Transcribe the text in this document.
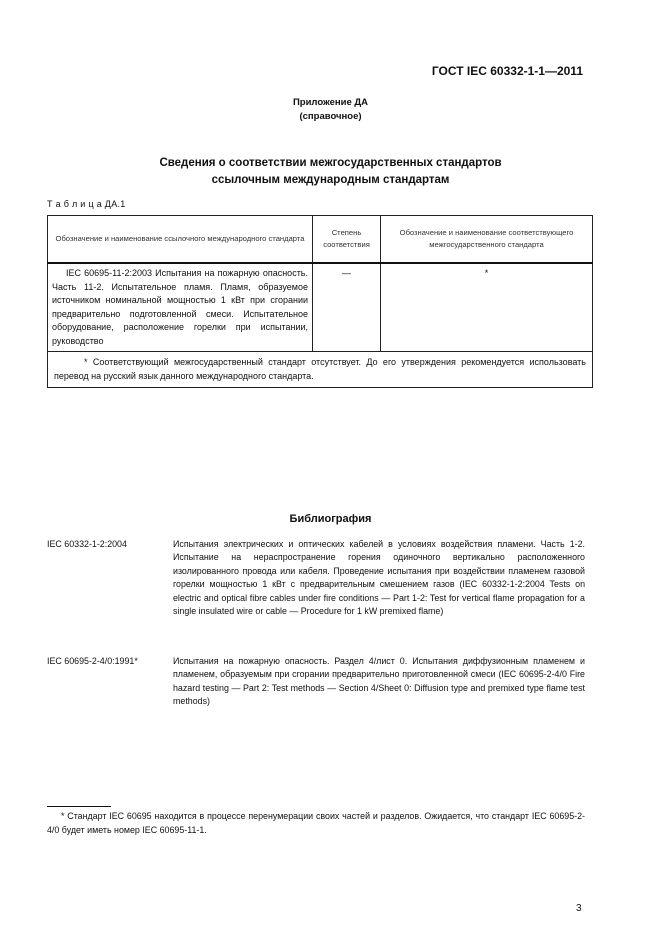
ГОСТ IEC 60332-1-1—2011
Приложение ДА
(справочное)
Сведения о соответствии межгосударственных стандартов
ссылочным международным стандартам
Т а б л и ц а ДА.1
Обозначение и наименование ссылочного международного стандарта	Степень соответствия	Обозначение и наименование соответствующего межгосударственного стандарта
IEC 60695-11-2:2003 Испытания на пожарную опасность. Часть 11-2. Испытательное пламя. Пламя, образуемое источником номинальной мощностью 1 кВт при сгорании предварительно подготовленной смеси. Испытательное оборудование, расположение горелки при испытании, руководство	—	*
* Соответствующий межгосударственный стандарт отсутствует. До его утверждения рекомендуется использовать перевод на русский язык данного международного стандарта.		
Библиография
IEC 60332-1-2:2004	Испытания электрических и оптических кабелей в условиях воздействия пламени. Часть 1-2. Испытание на нераспространение горения одиночного вертикально расположенного изолированного провода или кабеля. Проведение испытания при воздействии пламенем газовой горелки мощностью 1 кВт с предварительным смешением газов (IEC 60332-1-2:2004 Tests on electric and optical fibre cables under fire conditions — Part 1-2: Test for vertical flame propagation for a single insulated wire or cable — Procedure for 1 kW premixed flame)
IEC 60695-2-4/0:1991*	Испытания на пожарную опасность. Раздел 4/лист 0. Испытания диффузионным пламенем и пламенем, образуемым при сгорании предварительно приготовленной смеси (IEC 60695-2-4/0 Fire hazard testing — Part 2: Test methods — Section 4/Sheet 0: Diffusion type and premixed type flame test methods)
* Стандарт IEC 60695 находится в процессе перенумерации своих частей и разделов. Ожидается, что стандарт IEC 60695-2-4/0 будет иметь номер IEC 60695-11-1.
3
